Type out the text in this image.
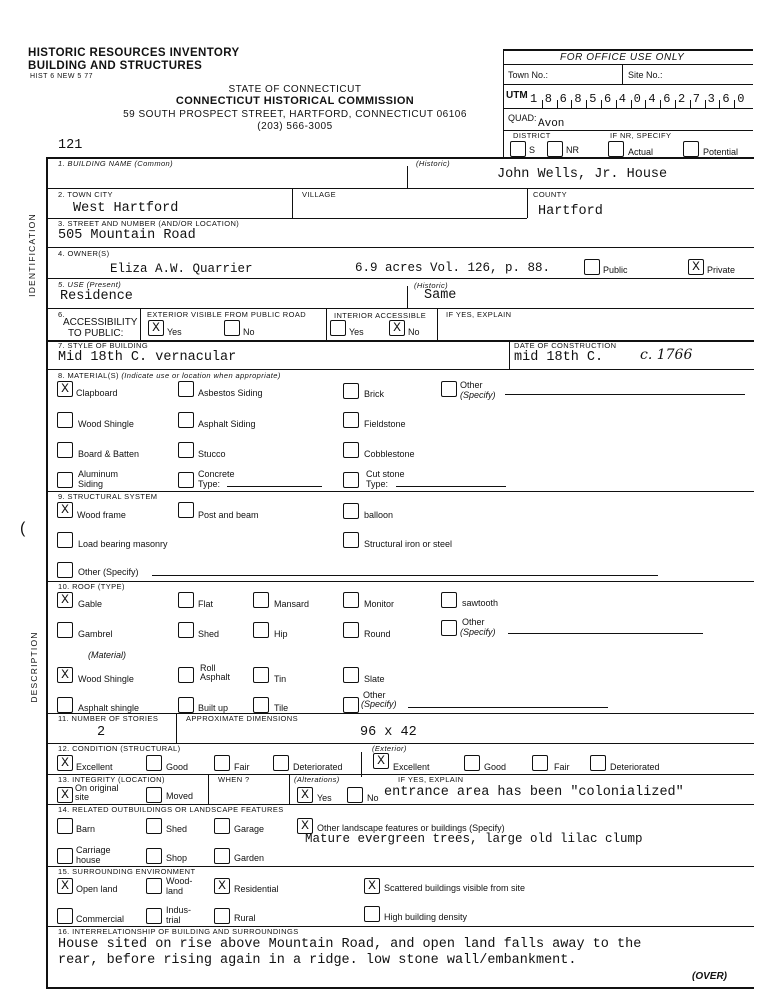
HISTORIC RESOURCES INVENTORY
BUILDING AND STRUCTURES
HIST 6 NEW 5 77
STATE OF CONNECTICUT
CONNECTICUT HISTORICAL COMMISSION
59 SOUTH PROSPECT STREET, HARTFORD, CONNECTICUT 06106
(203) 566-3005
121
FOR OFFICE USE ONLY
Town No.:	Site No.:
UTM 1 8 6 8 5 6 4 0 4 6 2 7 3 6 0
QUAD: Avon
DISTRICT	IF NR, SPECIFY
S	NR	Actual	Potential
IDENTIFICATION
DESCRIPTION
(
1. BUILDING NAME (Common)	(Historic)
John Wells, Jr. House
2. TOWN CITY	VILLAGE	COUNTY
West Hartford	Hartford
3. STREET AND NUMBER (AND/OR LOCATION)
505 Mountain Road
4. OWNER(S)
Eliza A.W. Quarrier	6.9 acres Vol. 126, p. 88.	Public	X Private
5. USE (Present)	(Historic)
Residence	Same
6.
ACCESSIBILITY
TO PUBLIC:
EXTERIOR VISIBLE FROM PUBLIC ROAD
X Yes	No
INTERIOR ACCESSIBLE
Yes	X No
IF YES, EXPLAIN
7. STYLE OF BUILDING
Mid 18th C. vernacular
DATE OF CONSTRUCTION
mid 18th C.	c. 1766
8. MATERIAL(S) (Indicate use or location when appropriate)
X Clapboard	Asbestos Siding	Brick
Other
(Specify)
Wood Shingle	Asphalt Siding	Fieldstone
Board & Batten	Stucco	Cobblestone
Aluminum
Siding
Concrete
Type:
Cut stone
Type:
9. STRUCTURAL SYSTEM
X Wood frame	Post and beam	balloon
Load bearing masonry	Structural iron or steel
Other (Specify)
10. ROOF (TYPE)
X	Gable	Flat	Mansard	Monitor	sawtooth
Gambrel	Shed	Hip	Round
Other
(Specify)
(Material)
X	Wood Shingle
Roll
Asphalt	Tin	Slate
Asphalt shingle	Built up	Tile
Other
(Specify)
11. NUMBER OF STORIES	APPROXIMATE DIMENSIONS
2	96 x 42
12. CONDITION (STRUCTURAL)	(Exterior)
X Excellent	Good	Fair	Deteriorated	X Excellent	Good	Fair	Deteriorated
13. INTEGRITY (LOCATION)	WHEN ?	(Alterations)	IF YES, EXPLAIN
X On original
site	Moved	X Yes	No entrance area has been "colonialized"
14. RELATED OUTBUILDINGS OR LANDSCAPE FEATURES
Barn	Shed	Garage	X Other landscape features or buildings (Specify)
Mature evergreen trees, large old lilac clump
Carriage
house	Shop	Garden
15. SURROUNDING ENVIRONMENT
X Open land
Wood-
land	X Residential	X Scattered buildings visible from site
Commercial
Indus-
trial	Rural	High building density
16. INTERRELATIONSHIP OF BUILDING AND SURROUNDINGS
House sited on rise above Mountain Road, and open land falls away to the
rear, before rising again in a ridge. low stone wall/embankment.
(OVER)
